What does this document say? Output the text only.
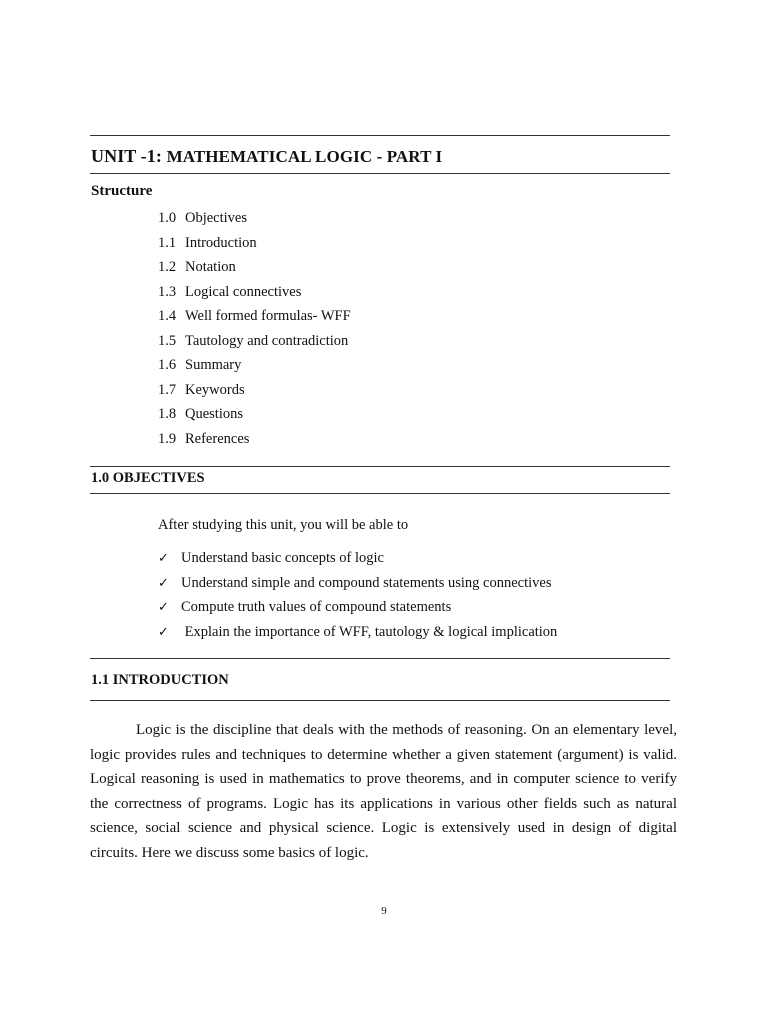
UNIT -1: MATHEMATICAL LOGIC - PART I
Structure
1.0 Objectives
1.1 Introduction
1.2 Notation
1.3 Logical connectives
1.4 Well formed formulas- WFF
1.5 Tautology and contradiction
1.6 Summary
1.7 Keywords
1.8 Questions
1.9 References
1.0 OBJECTIVES
After studying this unit, you will be able to
✓ Understand basic concepts of logic
✓ Understand simple and compound statements using connectives
✓ Compute truth values of compound statements
✓ Explain the importance of WFF, tautology & logical implication
1.1 INTRODUCTION

Logic is the discipline that deals with the methods of reasoning. On an elementary level, logic provides rules and techniques to determine whether a given statement (argument) is valid. Logical reasoning is used in mathematics to prove theorems, and in computer science to verify the correctness of programs. Logic has its applications in various other fields such as natural science, social science and physical science. Logic is extensively used in design of digital circuits. Here we discuss some basics of logic.

9
